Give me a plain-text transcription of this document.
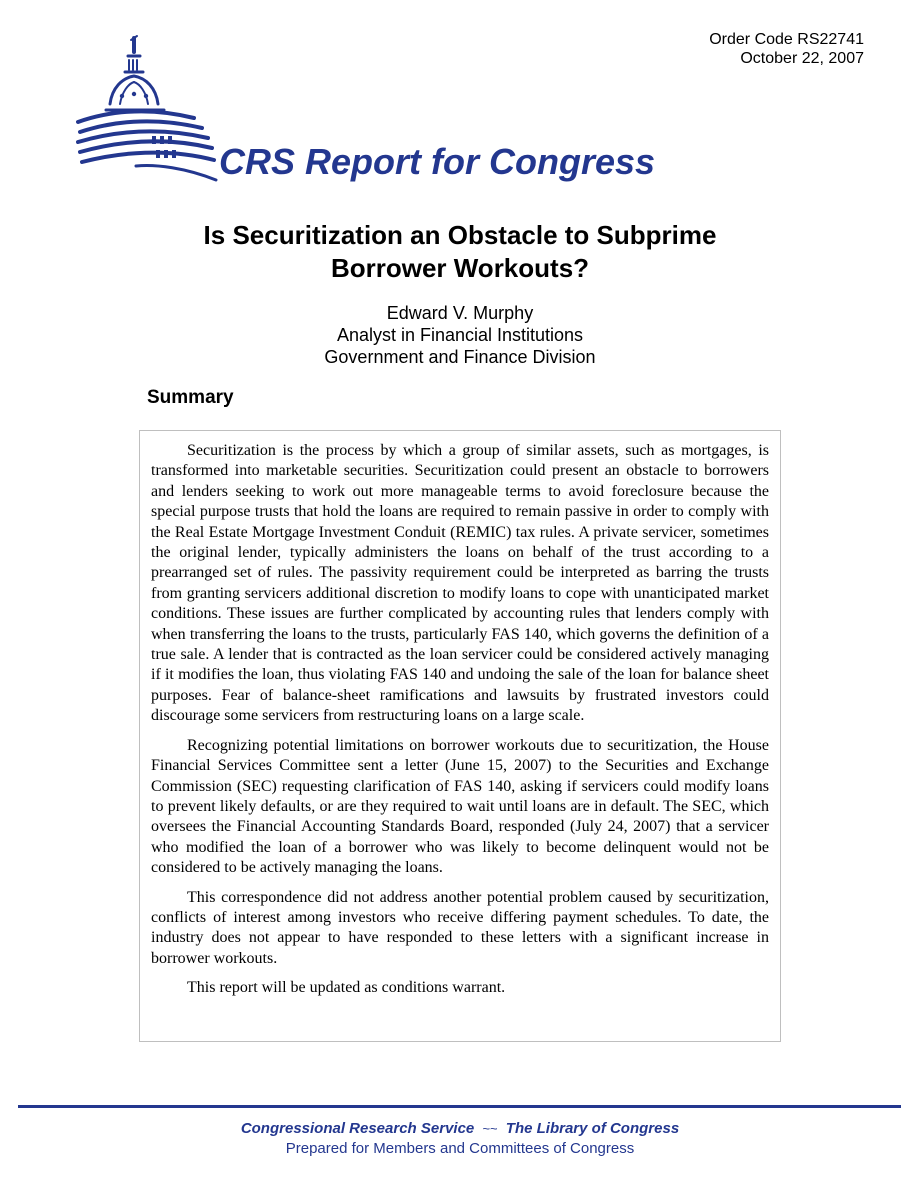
Order Code RS22741
October 22, 2007
CRS Report for Congress
Is Securitization an Obstacle to Subprime
Borrower Workouts?
Edward V. Murphy
Analyst in Financial Institutions
Government and Finance Division
Summary

Securitization is the process by which a group of similar assets, such as mortgages, is transformed into marketable securities. Securitization could present an obstacle to borrowers and lenders seeking to work out more manageable terms to avoid foreclosure because the special purpose trusts that hold the loans are required to remain passive in order to comply with the Real Estate Mortgage Investment Conduit (REMIC) tax rules. A private servicer, sometimes the original lender, typically administers the loans on behalf of the trust according to a prearranged set of rules. The passivity requirement could be interpreted as barring the trusts from granting servicers additional discretion to modify loans to cope with unanticipated market conditions. These issues are further complicated by accounting rules that lenders comply with when transferring the loans to the trusts, particularly FAS 140, which governs the definition of a true sale. A lender that is contracted as the loan servicer could be considered actively managing if it modifies the loan, thus violating FAS 140 and undoing the sale of the loan for balance sheet purposes. Fear of balance-sheet ramifications and lawsuits by frustrated investors could discourage some servicers from restructuring loans on a large scale.

Recognizing potential limitations on borrower workouts due to securitization, the House Financial Services Committee sent a letter (June 15, 2007) to the Securities and Exchange Commission (SEC) requesting clarification of FAS 140, asking if servicers could modify loans to prevent likely defaults, or are they required to wait until loans are in default. The SEC, which oversees the Financial Accounting Standards Board, responded (July 24, 2007) that a servicer who modified the loan of a borrower who was likely to become delinquent would not be considered to be actively managing the loans.

This correspondence did not address another potential problem caused by securitization, conflicts of interest among investors who receive differing payment schedules. To date, the industry does not appear to have responded to these letters with a significant increase in borrower workouts.

This report will be updated as conditions warrant.

Congressional Research Service ~~ The Library of Congress
Prepared for Members and Committees of Congress
